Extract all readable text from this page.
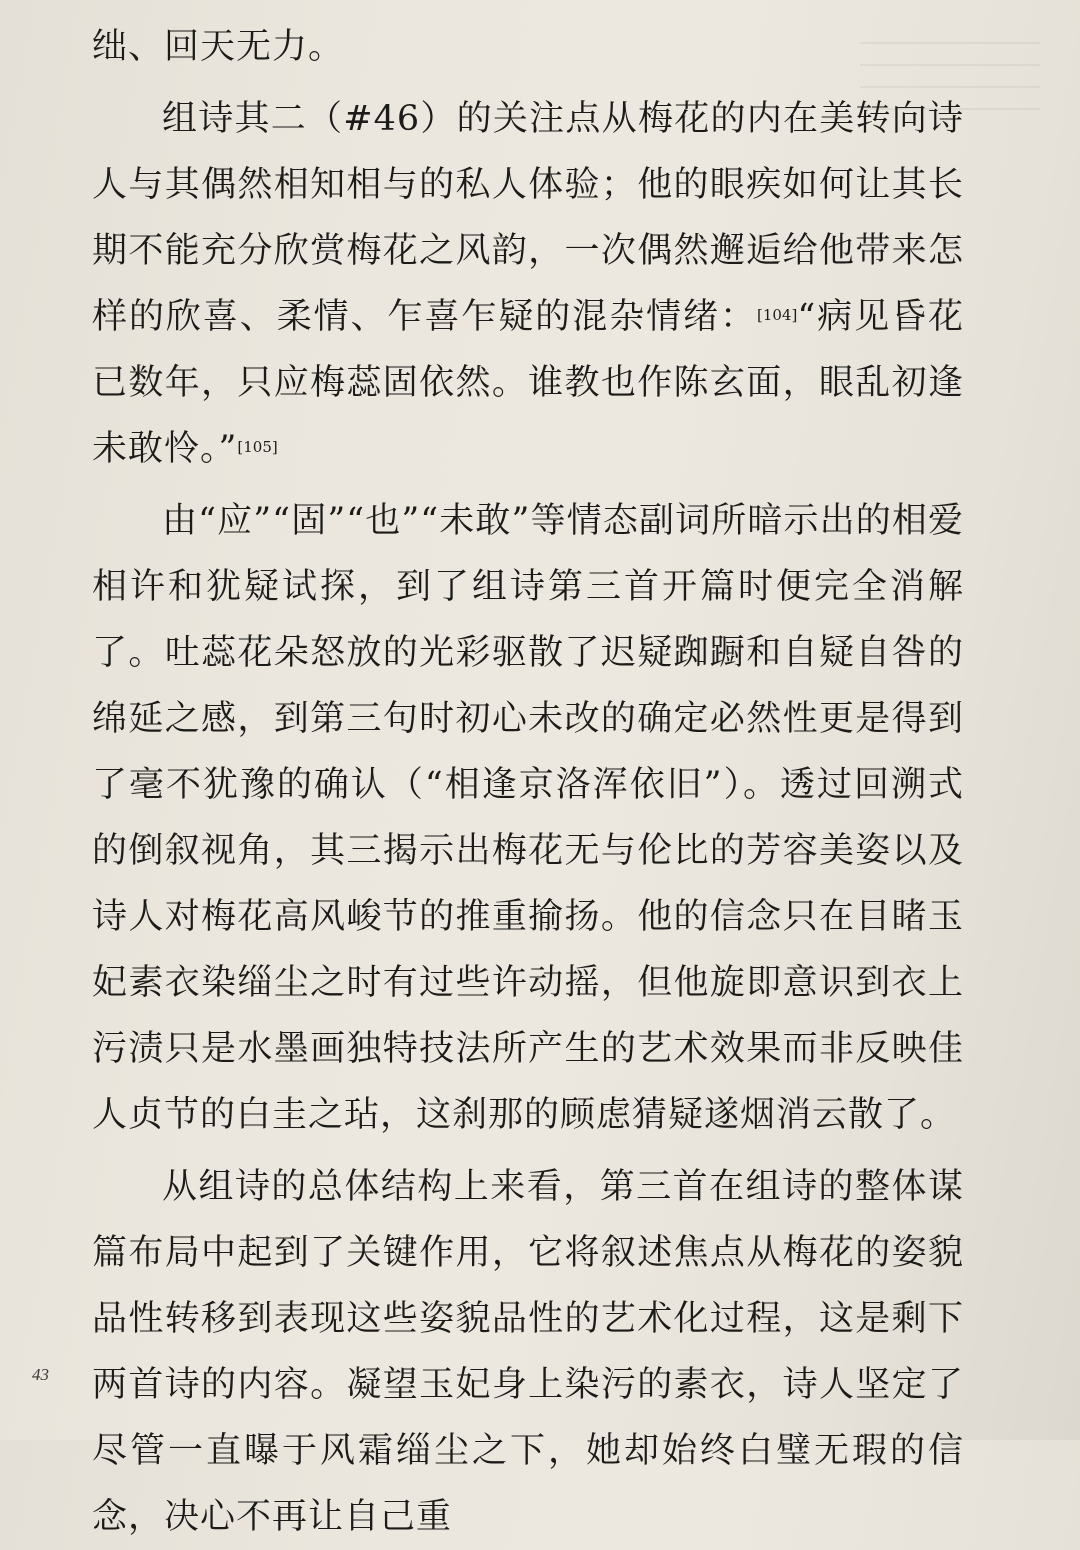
绌、回天无力。

组诗其二（#46）的关注点从梅花的内在美转向诗人与其偶然相知相与的私人体验；他的眼疾如何让其长期不能充分欣赏梅花之风韵，一次偶然邂逅给他带来怎样的欣喜、柔情、乍喜乍疑的混杂情绪：[104]“病见昏花已数年，只应梅蕊固依然。谁教也作陈玄面，眼乱初逢未敢怜。”[105]

由“应”“固”“也”“未敢”等情态副词所暗示出的相爱相许和犹疑试探，到了组诗第三首开篇时便完全消解了。吐蕊花朵怒放的光彩驱散了迟疑踟蹰和自疑自咎的绵延之感，到第三句时初心未改的确定必然性更是得到了毫不犹豫的确认（“相逢京洛浑依旧”）。透过回溯式的倒叙视角，其三揭示出梅花无与伦比的芳容美姿以及诗人对梅花高风峻节的推重揄扬。他的信念只在目睹玉妃素衣染缁尘之时有过些许动摇，但他旋即意识到衣上污渍只是水墨画独特技法所产生的艺术效果而非反映佳人贞节的白圭之玷，这刹那的顾虑猜疑遂烟消云散了。

从组诗的总体结构上来看，第三首在组诗的整体谋篇布局中起到了关键作用，它将叙述焦点从梅花的姿貌品性转移到表现这些姿貌品性的艺术化过程，这是剩下两首诗的内容。凝望玉妃身上染污的素衣，诗人坚定了尽管一直曝于风霜缁尘之下，她却始终白璧无瑕的信念，决心不再让自己重

43
